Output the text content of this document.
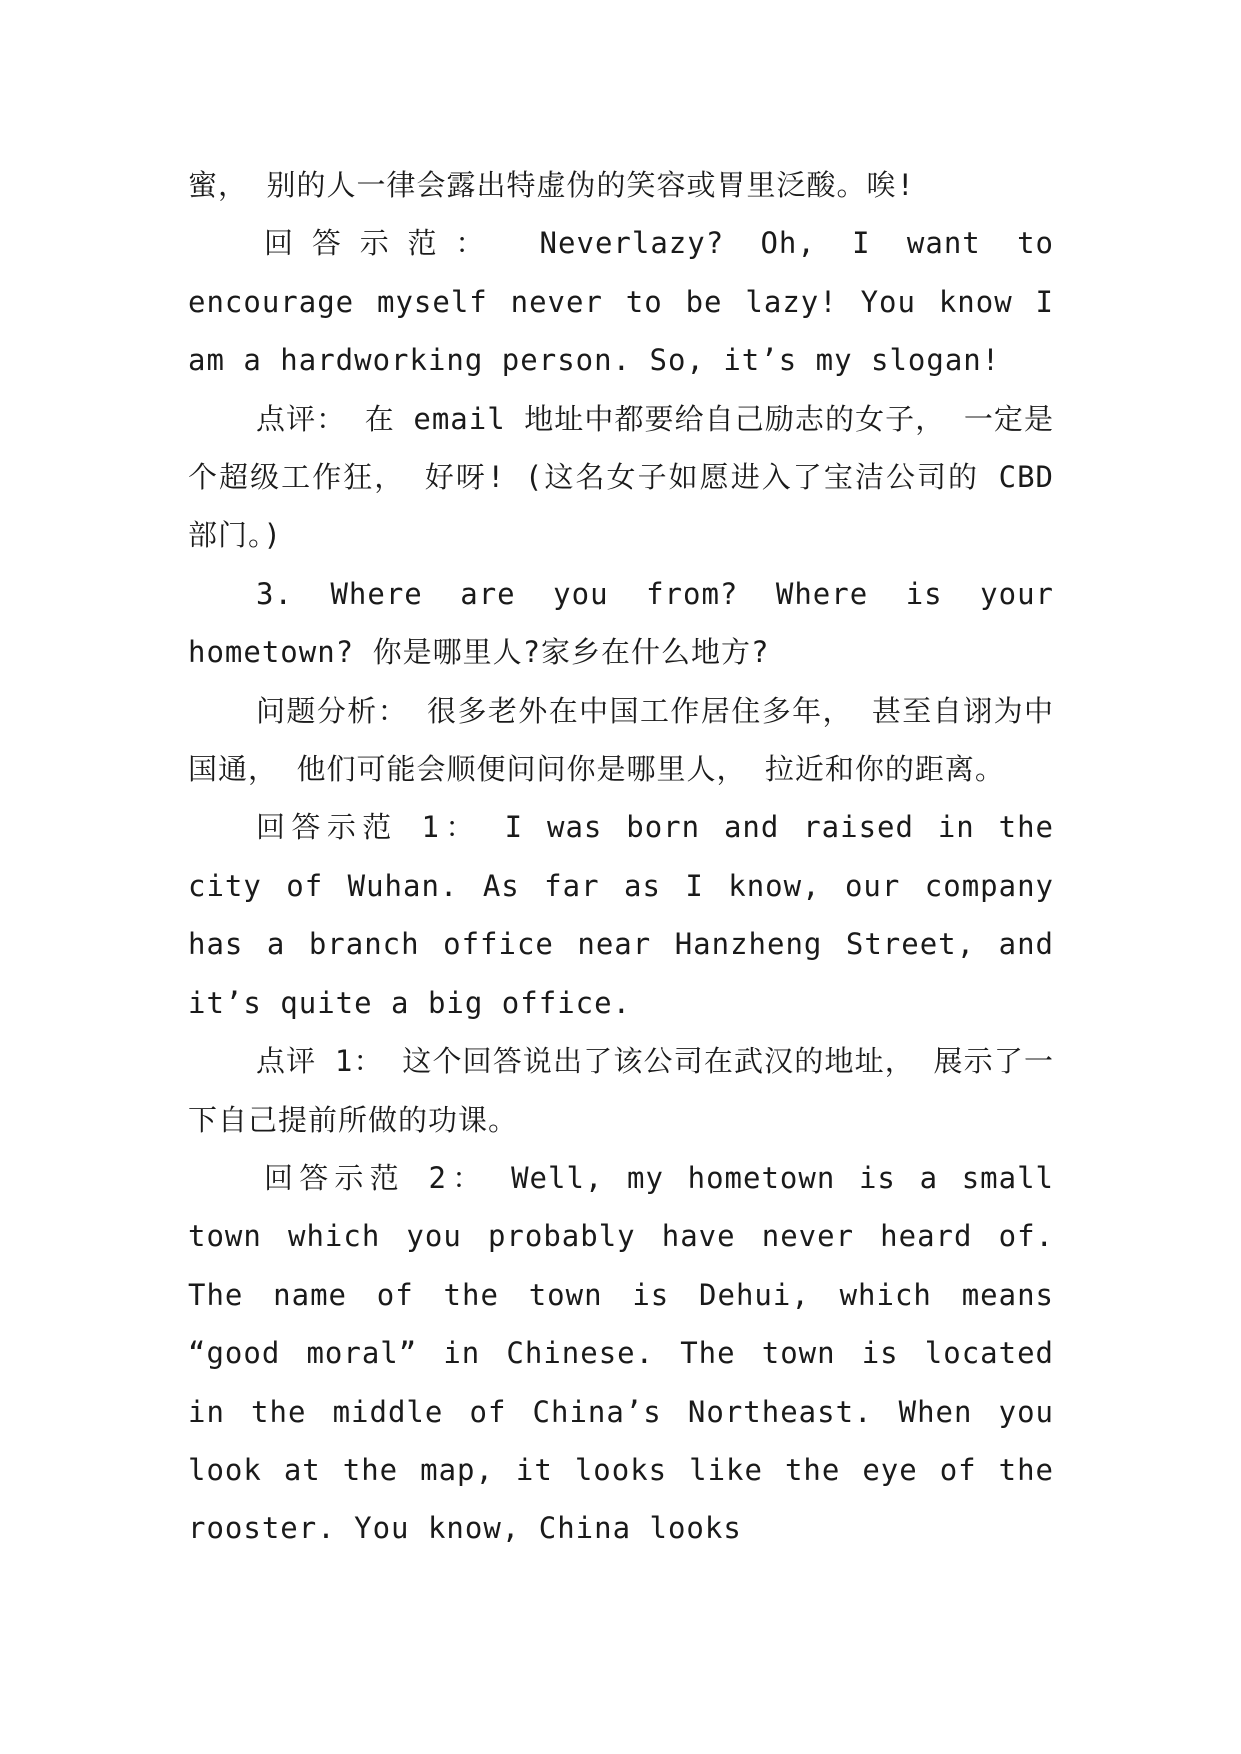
蜜， 别的人一律会露出特虚伪的笑容或胃里泛酸。唉!

回答示范： Neverlazy? Oh, I want to encourage myself never to be lazy! You know I am a hardworking person. So, it’s my slogan!

点评： 在 email 地址中都要给自己励志的女子， 一定是个超级工作狂， 好呀! (这名女子如愿进入了宝洁公司的 CBD 部门。)

3. Where are you from? Where is your hometown? 你是哪里人?家乡在什么地方?

问题分析： 很多老外在中国工作居住多年， 甚至自诩为中国通， 他们可能会顺便问问你是哪里人， 拉近和你的距离。

回答示范 1： I was born and raised in the city of Wuhan. As far as I know, our company has a branch office near Hanzheng Street, and it’s quite a big office.

点评 1： 这个回答说出了该公司在武汉的地址， 展示了一下自己提前所做的功课。

回答示范 2： Well, my hometown is a small town which you probably have never heard of. The name of the town is Dehui, which means “good moral” in Chinese. The town is located in the middle of China’s Northeast. When you look at the map, it looks like the eye of the rooster. You know, China looks
